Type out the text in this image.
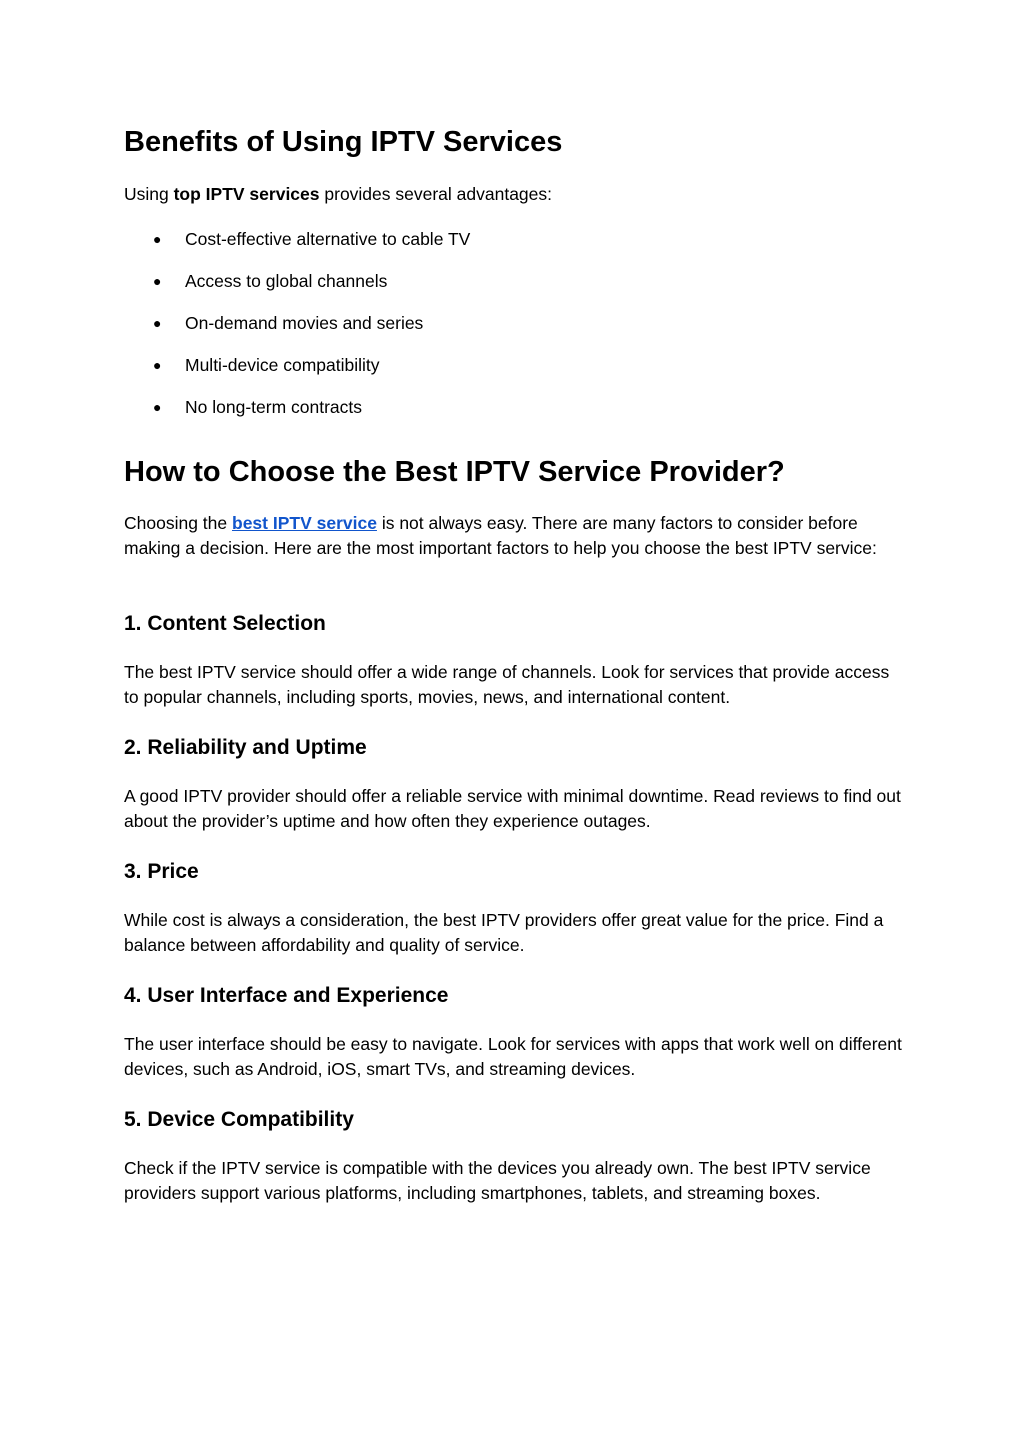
Benefits of Using IPTV Services

Using top IPTV services provides several advantages:

● Cost-effective alternative to cable TV
● Access to global channels
● On-demand movies and series
● Multi-device compatibility
● No long-term contracts
How to Choose the Best IPTV Service Provider?

Choosing the best IPTV service is not always easy. There are many factors to consider before making a decision. Here are the most important factors to help you choose the best IPTV service:

1. Content Selection

The best IPTV service should offer a wide range of channels. Look for services that provide access to popular channels, including sports, movies, news, and international content.

2. Reliability and Uptime

A good IPTV provider should offer a reliable service with minimal downtime. Read reviews to find out about the provider’s uptime and how often they experience outages.

3. Price

While cost is always a consideration, the best IPTV providers offer great value for the price. Find a balance between affordability and quality of service.

4. User Interface and Experience

The user interface should be easy to navigate. Look for services with apps that work well on different devices, such as Android, iOS, smart TVs, and streaming devices.

5. Device Compatibility

Check if the IPTV service is compatible with the devices you already own. The best IPTV service providers support various platforms, including smartphones, tablets, and streaming boxes.
